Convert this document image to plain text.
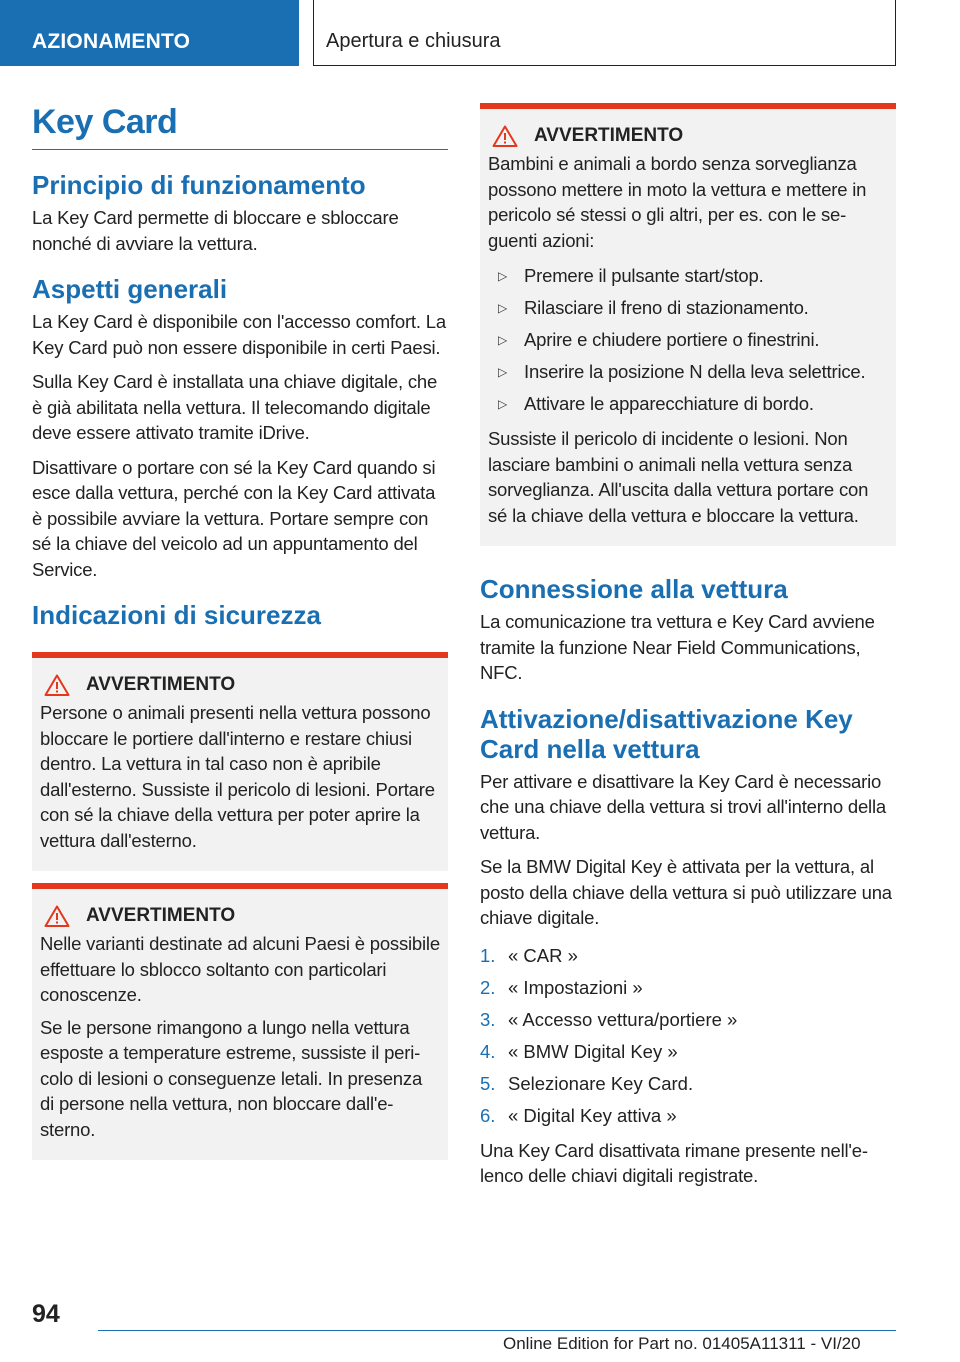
AZIONAMENTO	Apertura e chiusura
Key Card
Principio di funzionamento
La Key Card permette di bloccare e sbloccare nonché di avviare la vettura.
Aspetti generali
La Key Card è disponibile con l'accesso comfort. La Key Card può non essere disponibile in certi Paesi.
Sulla Key Card è installata una chiave digitale, che è già abilitata nella vettura. Il telecomando digitale deve essere attivato tramite iDrive.
Disattivare o portare con sé la Key Card quando si esce dalla vettura, perché con la Key Card attivata è possibile avviare la vettura. Portare sempre con sé la chiave del veicolo ad un appuntamento del Service.
Indicazioni di sicurezza
AVVERTIMENTO
Persone o animali presenti nella vettura possono bloccare le portiere dall'interno e restare chiusi dentro. La vettura in tal caso non è apribile dall'esterno. Sussiste il pericolo di lesioni. Portare con sé la chiave della vettura per poter aprire la vettura dall'esterno.
AVVERTIMENTO
Nelle varianti destinate ad alcuni Paesi è possibile effettuare lo sblocco soltanto con particolari conoscenze.
Se le persone rimangono a lungo nella vettura esposte a temperature estreme, sussiste il pericolo di lesioni o conseguenze letali. In presenza di persone nella vettura, non bloccare dall'esterno.
AVVERTIMENTO
Bambini e animali a bordo senza sorveglianza possono mettere in moto la vettura e mettere in pericolo sé stessi o gli altri, per es. con le seguenti azioni:
▷ Premere il pulsante start/stop.
▷ Rilasciare il freno di stazionamento.
▷ Aprire e chiudere portiere o finestrini.
▷ Inserire la posizione N della leva selettrice.
▷ Attivare le apparecchiature di bordo.
Sussiste il pericolo di incidente o lesioni. Non lasciare bambini o animali nella vettura senza sorveglianza. All'uscita dalla vettura portare con sé la chiave della vettura e bloccare la vettura.
Connessione alla vettura
La comunicazione tra vettura e Key Card avviene tramite la funzione Near Field Communications, NFC.
Attivazione/disattivazione Key Card nella vettura
Per attivare e disattivare la Key Card è necessario che una chiave della vettura si trovi all'interno della vettura.
Se la BMW Digital Key è attivata per la vettura, al posto della chiave della vettura si può utilizzare una chiave digitale.
1. « CAR »
2. « Impostazioni »
3. « Accesso vettura/portiere »
4. « BMW Digital Key »
5. Selezionare Key Card.
6. « Digital Key attiva »
Una Key Card disattivata rimane presente nell'elenco delle chiavi digitali registrate.
94
Online Edition for Part no. 01405A11311 - VI/20
